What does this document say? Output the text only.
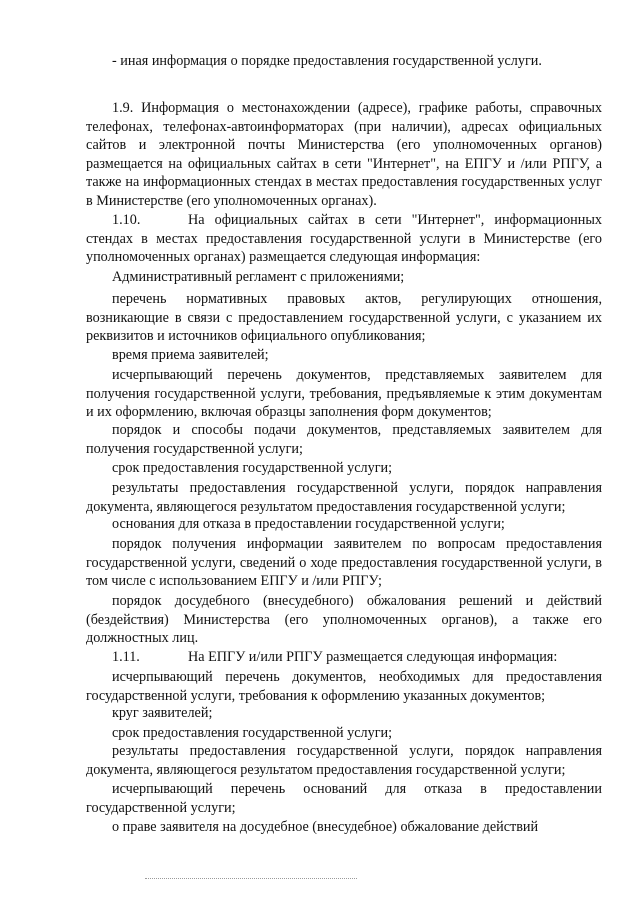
- иная информация о порядке предоставления государственной услуги.

1.9. Информация о местонахождении (адресе), графике работы, справочных телефонах, телефонах-автоинформаторах (при наличии), адресах официальных сайтов и электронной почты Министерства (его уполномоченных органов) размещается на официальных сайтах в сети "Интернет", на ЕПГУ и /или РПГУ, а также на информационных стендах в местах предоставления государственных услуг в Министерстве (его уполномоченных органах).

1.10.	На официальных сайтах в сети "Интернет", информационных стендах в местах предоставления государственной услуги в Министерстве (его уполномоченных органах) размещается следующая информация:

Административный регламент с приложениями;

перечень нормативных правовых актов, регулирующих отношения, возникающие в связи с предоставлением государственной услуги, с указанием их реквизитов и источников официального опубликования;

время приема заявителей;

исчерпывающий перечень документов, представляемых заявителем для получения государственной услуги, требования, предъявляемые к этим документам и их оформлению, включая образцы заполнения форм документов;

порядок и способы подачи документов, представляемых заявителем для получения государственной услуги;

срок предоставления государственной услуги;

результаты предоставления государственной услуги, порядок направления документа, являющегося результатом предоставления государственной услуги;

основания для отказа в предоставлении государственной услуги;

порядок получения информации заявителем по вопросам предоставления государственной услуги, сведений о ходе предоставления государственной услуги, в том числе с использованием ЕПГУ и /или РПГУ;

порядок досудебного (внесудебного) обжалования решений и действий (бездействия) Министерства (его уполномоченных органов), а также его должностных лиц.

1.11.	На ЕПГУ и/или РПГУ размещается следующая информация:

исчерпывающий перечень документов, необходимых для предоставления государственной услуги, требования к оформлению указанных документов;

круг заявителей;

срок предоставления государственной услуги;

результаты предоставления государственной услуги, порядок направления документа, являющегося результатом предоставления государственной услуги;

исчерпывающий перечень оснований для отказа в предоставлении государственной услуги;

о праве заявителя на досудебное (внесудебное) обжалование действий
